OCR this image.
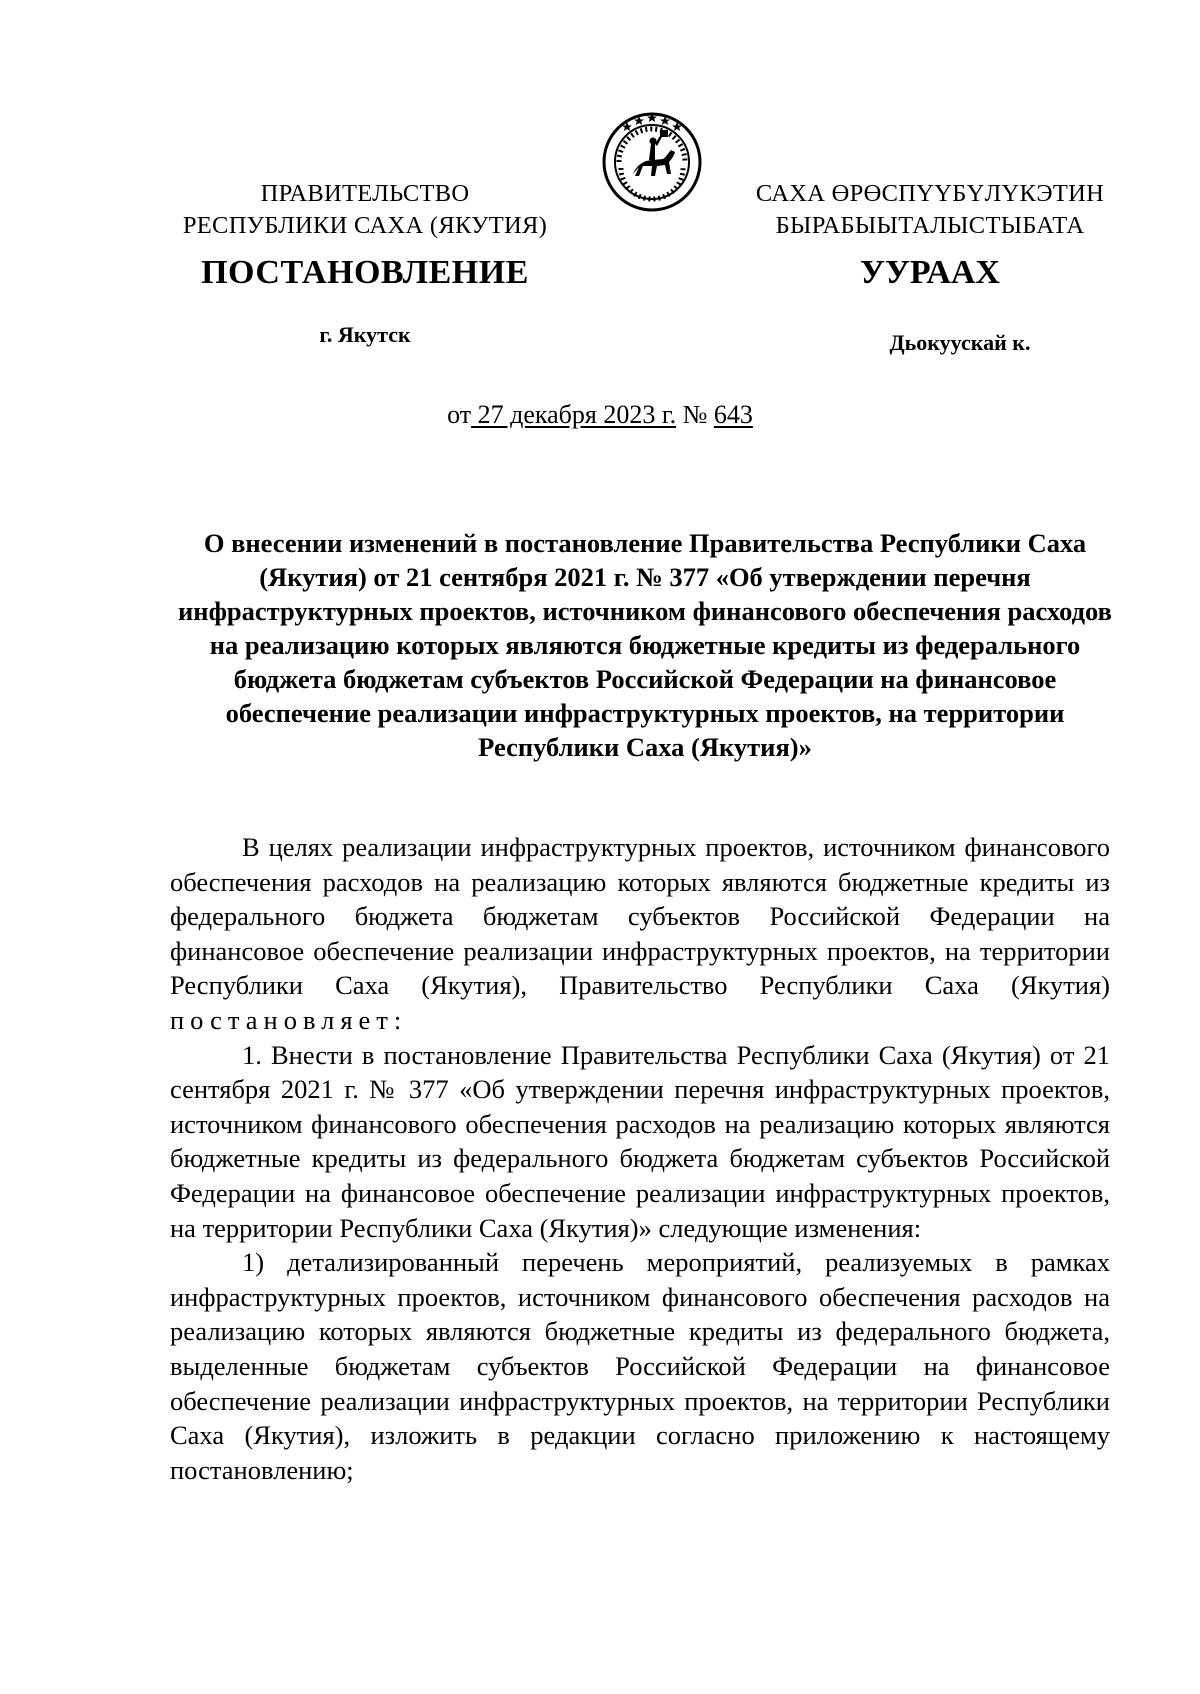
ПРАВИТЕЛЬСТВО
РЕСПУБЛИКИ САХА (ЯКУТИЯ)
САХА ӨРӨСПҮҮБҮЛҮКЭТИН
БЫРАБЫЫТАЛЫСТЫБАТА
ПОСТАНОВЛЕНИЕ	УУРААХ
г. Якутск	Дьокуускай к.
от 27 декабря 2023 г. № 643
О внесении изменений в постановление Правительства Республики Саха (Якутия) от 21 сентября 2021 г. № 377 «Об утверждении перечня инфраструктурных проектов, источником финансового обеспечения расходов на реализацию которых являются бюджетные кредиты из федерального бюджета бюджетам субъектов Российской Федерации на финансовое обеспечение реализации инфраструктурных проектов, на территории Республики Саха (Якутия)»

В целях реализации инфраструктурных проектов, источником финансового обеспечения расходов на реализацию которых являются бюджетные кредиты из федерального бюджета бюджетам субъектов Российской Федерации на финансовое обеспечение реализации инфраструктурных проектов, на территории Республики Саха (Якутия), Правительство Республики Саха (Якутия) постановляет:

1. Внести в постановление Правительства Республики Саха (Якутия) от 21 сентября 2021 г. № 377 «Об утверждении перечня инфраструктурных проектов, источником финансового обеспечения расходов на реализацию которых являются бюджетные кредиты из федерального бюджета бюджетам субъектов Российской Федерации на финансовое обеспечение реализации инфраструктурных проектов, на территории Республики Саха (Якутия)» следующие изменения:

1) детализированный перечень мероприятий, реализуемых в рамках инфраструктурных проектов, источником финансового обеспечения расходов на реализацию которых являются бюджетные кредиты из федерального бюджета, выделенные бюджетам субъектов Российской Федерации на финансовое обеспечение реализации инфраструктурных проектов, на территории Республики Саха (Якутия), изложить в редакции согласно приложению к настоящему постановлению;
